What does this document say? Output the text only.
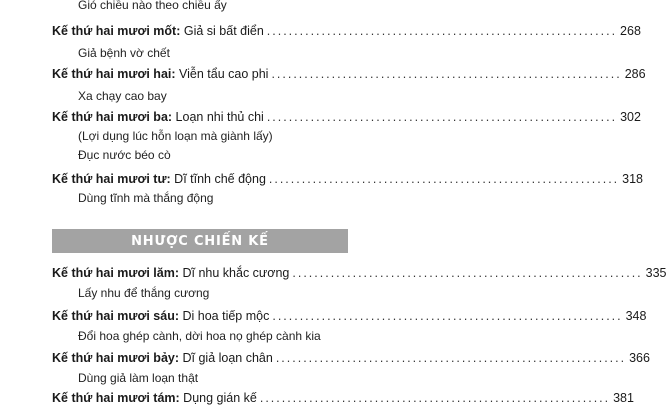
Gió chiều nào theo chiều ấy
Kế thứ hai mươi mốt: Giả si bất điển ................................................................ 268
Giả bệnh vờ chết
Kế thứ hai mươi hai: Viễn tẩu cao phi ................................................................ 286
Xa chạy cao bay
Kế thứ hai mươi ba: Loạn nhi thủ chi ................................................................ 302
(Lợi dụng lúc hỗn loạn mà giành lấy)
Đục nước béo cò
Kế thứ hai mươi tư: Dĩ tĩnh chế động ................................................................ 318
Dùng tĩnh mà thắng động
NHƯỢC CHIẾN KẾ
Kế thứ hai mươi lăm: Dĩ nhu khắc cương ................................................................ 335
Lấy nhu để thắng cương
Kế thứ hai mươi sáu: Di hoa tiếp mộc ................................................................ 348
Đổi hoa ghép cành, dời hoa nọ ghép cành kia
Kế thứ hai mươi bảy: Dĩ giả loạn chân ................................................................ 366
Dùng giả làm loạn thật
Kế thứ hai mươi tám: Dụng gián kế ................................................................ 381
